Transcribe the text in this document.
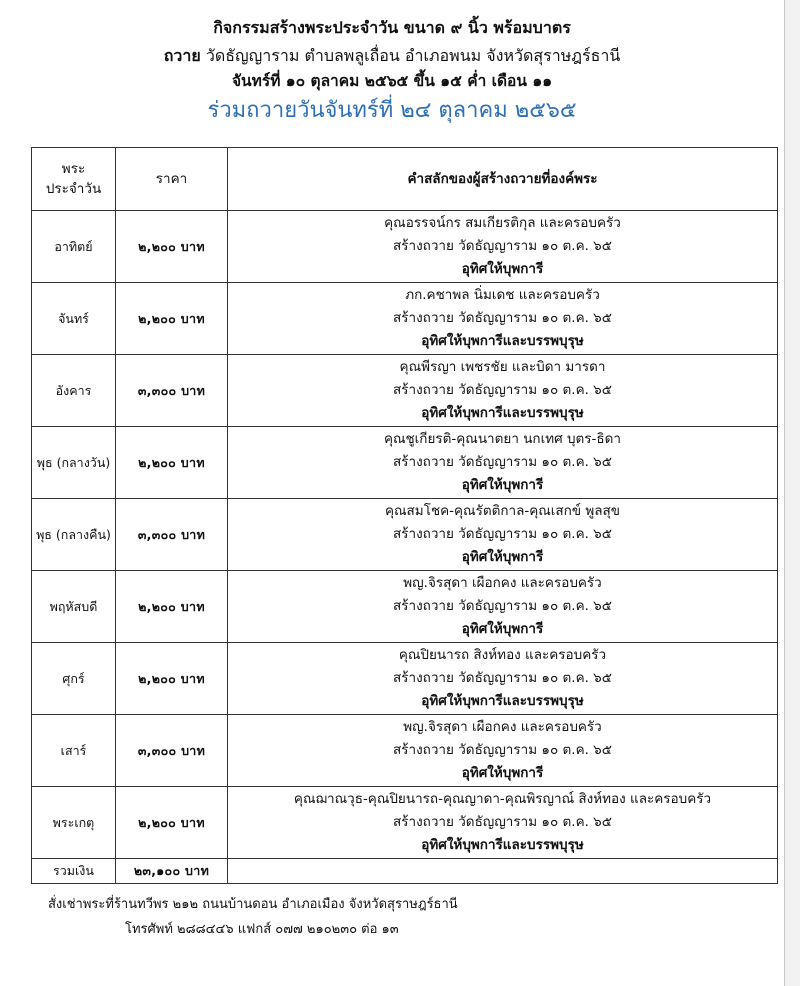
กิจกรรมสร้างพระประจำวัน ขนาด ๙ นิ้ว พร้อมบาตร
ถวาย วัดธัญญาราม ตำบลพลูเถื่อน อำเภอพนม จังหวัดสุราษฎร์ธานี
จันทร์ที่ ๑๐ ตุลาคม ๒๕๖๕ ขึ้น ๑๕ ค่ำ เดือน ๑๑
ร่วมถวายวันจันทร์ที่ ๒๔ ตุลาคม ๒๕๖๕
พระ
ประจำวัน	ราคา	คำสลักของผู้สร้างถวายที่องค์พระ
อาทิตย์	๒,๒๐๐ บาท	คุณอรรจน์กร สมเกียรติกุล และครอบครัว
สร้างถวาย วัดธัญญาราม ๑๐ ต.ค. ๖๕
อุทิศให้บุพการี

จันทร์	๒,๒๐๐ บาท	ภก.คชาพล นิ่มเดช และครอบครัว
สร้างถวาย วัดธัญญาราม ๑๐ ต.ค. ๖๕
อุทิศให้บุพการีและบรรพบุรุษ

อังคาร	๓,๓๐๐ บาท	คุณพีรญา เพชรชัย และบิดา มารดา
สร้างถวาย วัดธัญญาราม ๑๐ ต.ค. ๖๕
อุทิศให้บุพการีและบรรพบุรุษ

พุธ (กลางวัน)	๒,๒๐๐ บาท	คุณชูเกียรติ-คุณนาตยา นกเทศ บุตร-ธิดา
สร้างถวาย วัดธัญญาราม ๑๐ ต.ค. ๖๕
อุทิศให้บุพการี

พุธ (กลางคืน)	๓,๓๐๐ บาท	คุณสมโชค-คุณรัตติกาล-คุณเสกข์ พูลสุข
สร้างถวาย วัดธัญญาราม ๑๐ ต.ค. ๖๕
อุทิศให้บุพการี

พฤหัสบดี	๒,๒๐๐ บาท	พญ.จิรสุดา เผือกคง และครอบครัว
สร้างถวาย วัดธัญญาราม ๑๐ ต.ค. ๖๕
อุทิศให้บุพการี

ศุกร์	๒,๒๐๐ บาท	คุณปิยนารถ สิงห์ทอง และครอบครัว
สร้างถวาย วัดธัญญาราม ๑๐ ต.ค. ๖๕
อุทิศให้บุพการีและบรรพบุรุษ

เสาร์	๓,๓๐๐ บาท	พญ.จิรสุดา เผือกคง และครอบครัว
สร้างถวาย วัดธัญญาราม ๑๐ ต.ค. ๖๕
อุทิศให้บุพการี

พระเกตุ	๒,๒๐๐ บาท	คุณฌาณวุธ-คุณปิยนารถ-คุณญาดา-คุณพิรญาณ์ สิงห์ทอง และครอบครัว
สร้างถวาย วัดธัญญาราม ๑๐ ต.ค. ๖๕
อุทิศให้บุพการีและบรรพบุรุษ

รวมเงิน	๒๓,๑๐๐ บาท	
สั่งเช่าพระที่ร้านทวีพร ๒๑๒ ถนนบ้านดอน อำเภอเมือง จังหวัดสุราษฎร์ธานี
โทรศัพท์ ๒๘๘๔๔๖ แฟกส์ ๐๗๗ ๒๑๐๒๓๐ ต่อ ๑๓
